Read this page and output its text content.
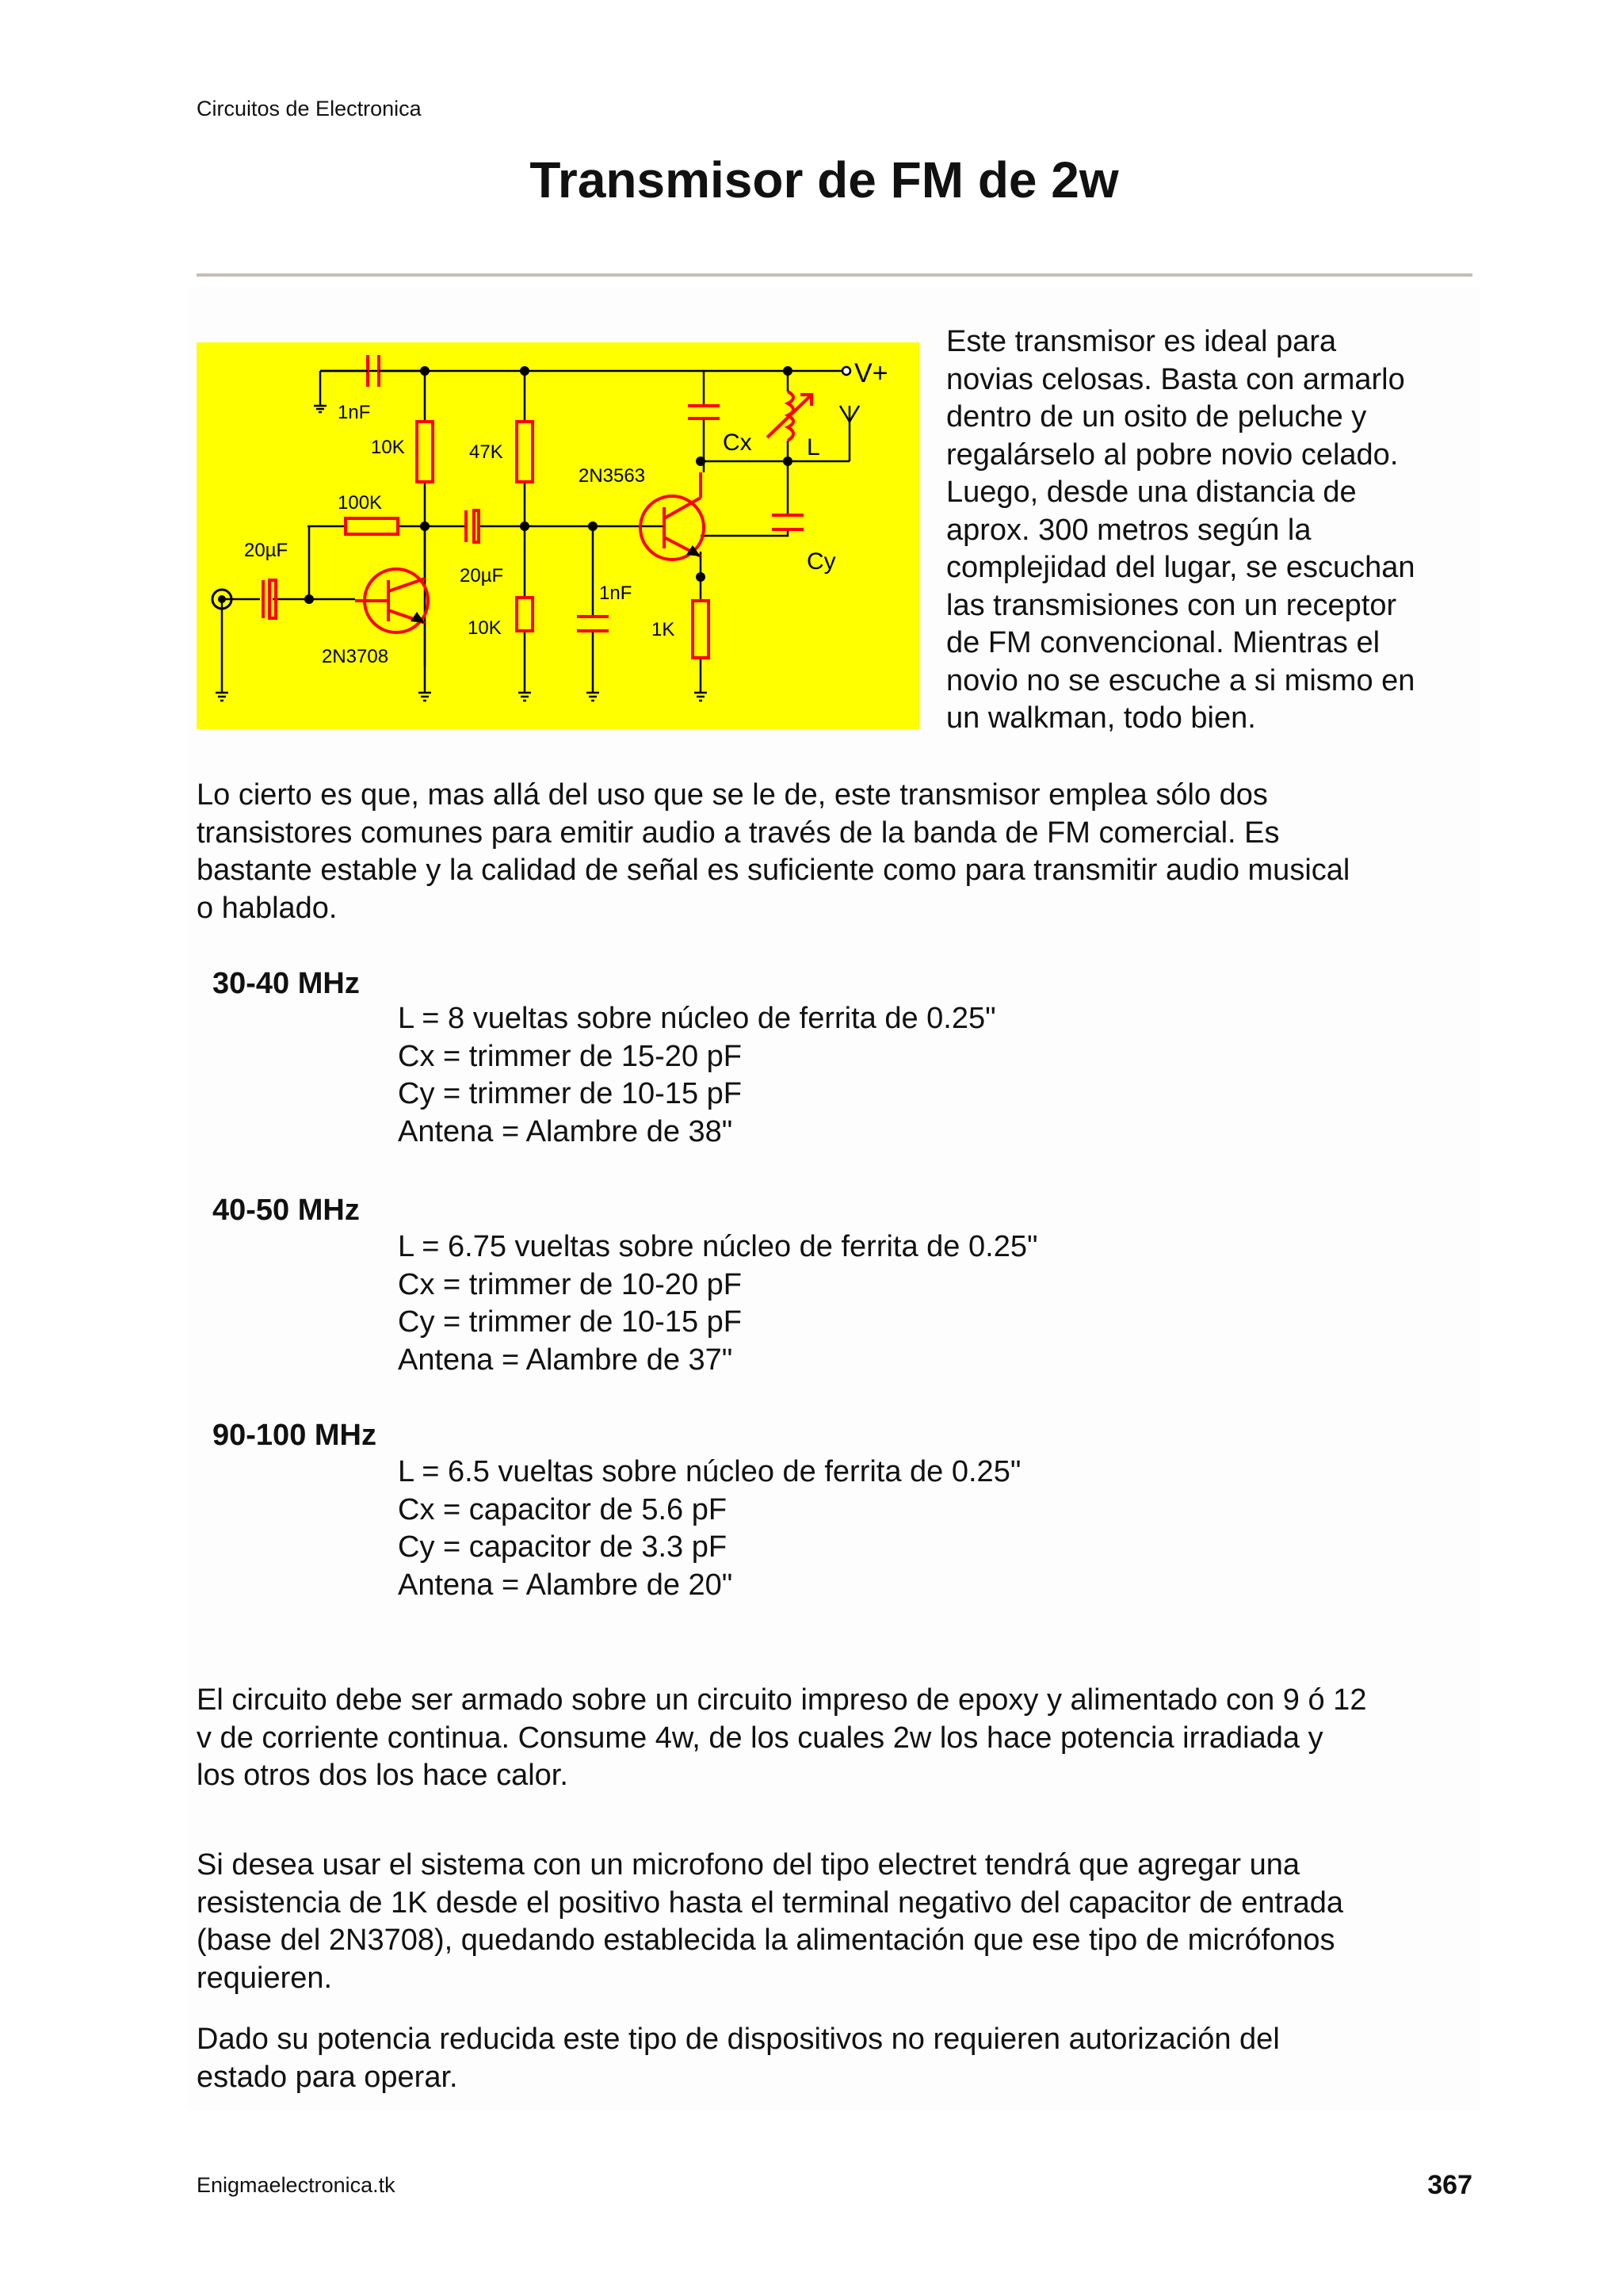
Circuitos de Electronica
Transmisor de FM de 2w
1nF
10K	47K
2N3563
Cx L
V+
100K
20µF
20µF
Cy
1nF
10K	1K
2N3708
Este transmisor es ideal para
novias celosas. Basta con armarlo
dentro de un osito de peluche y
regalárselo al pobre novio celado.
Luego, desde una distancia de
aprox. 300 metros según la
complejidad del lugar, se escuchan
las transmisiones con un receptor
de FM convencional. Mientras el
novio no se escuche a si mismo en
un walkman, todo bien.
Lo cierto es que, mas allá del uso que se le de, este transmisor emplea sólo dos
transistores comunes para emitir audio a través de la banda de FM comercial. Es
bastante estable y la calidad de señal es suficiente como para transmitir audio musical
o hablado.
30-40 MHz
L = 8 vueltas sobre núcleo de ferrita de 0.25"
Cx = trimmer de 15-20 pF
Cy = trimmer de 10-15 pF
Antena = Alambre de 38"
40-50 MHz
L = 6.75 vueltas sobre núcleo de ferrita de 0.25"
Cx = trimmer de 10-20 pF
Cy = trimmer de 10-15 pF
Antena = Alambre de 37"
90-100 MHz
L = 6.5 vueltas sobre núcleo de ferrita de 0.25"
Cx = capacitor de 5.6 pF
Cy = capacitor de 3.3 pF
Antena = Alambre de 20"
El circuito debe ser armado sobre un circuito impreso de epoxy y alimentado con 9 ó 12
v de corriente continua. Consume 4w, de los cuales 2w los hace potencia irradiada y
los otros dos los hace calor.
Si desea usar el sistema con un microfono del tipo electret tendrá que agregar una
resistencia de 1K desde el positivo hasta el terminal negativo del capacitor de entrada
(base del 2N3708), quedando establecida la alimentación que ese tipo de micrófonos
requieren.
Dado su potencia reducida este tipo de dispositivos no requieren autorización del
estado para operar.
Enigmaelectronica.tk	367
